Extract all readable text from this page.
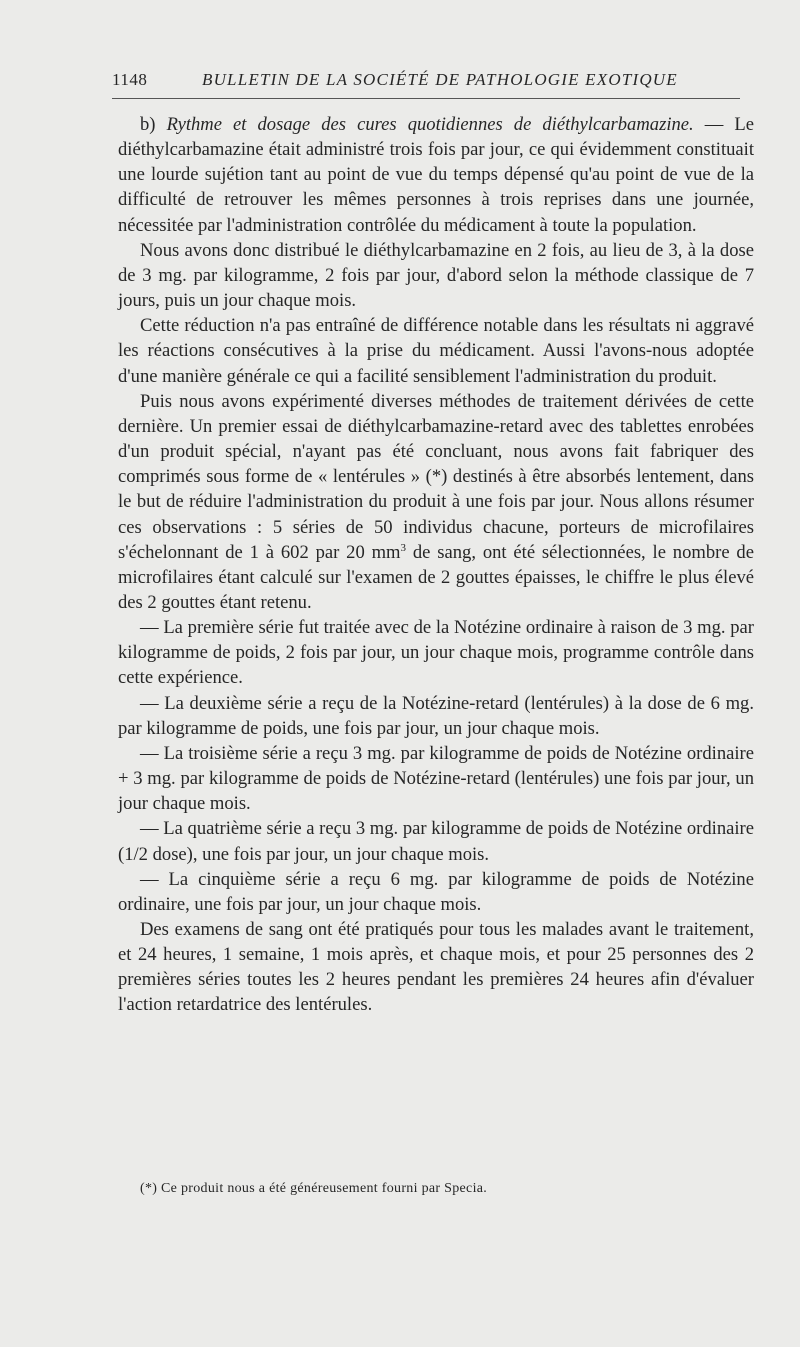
1148	BULLETIN DE LA SOCIÉTÉ DE PATHOLOGIE EXOTIQUE

b) Rythme et dosage des cures quotidiennes de diéthylcarbamazine. — Le diéthylcarbamazine était administré trois fois par jour, ce qui évidemment constituait une lourde sujétion tant au point de vue du temps dépensé qu'au point de vue de la difficulté de retrouver les mêmes personnes à trois reprises dans une journée, nécessitée par l'administration contrôlée du médicament à toute la population.

Nous avons donc distribué le diéthylcarbamazine en 2 fois, au lieu de 3, à la dose de 3 mg. par kilogramme, 2 fois par jour, d'abord selon la méthode classique de 7 jours, puis un jour chaque mois.

Cette réduction n'a pas entraîné de différence notable dans les résultats ni aggravé les réactions consécutives à la prise du médicament. Aussi l'avons-nous adoptée d'une manière générale ce qui a facilité sensiblement l'administration du produit.

Puis nous avons expérimenté diverses méthodes de traitement dérivées de cette dernière. Un premier essai de diéthylcarbamazine-retard avec des tablettes enrobées d'un produit spécial, n'ayant pas été concluant, nous avons fait fabriquer des comprimés sous forme de « lentérules » (*) destinés à être absorbés lentement, dans le but de réduire l'administration du produit à une fois par jour. Nous allons résumer ces observations : 5 séries de 50 individus chacune, porteurs de microfilaires s'échelonnant de 1 à 602 par 20 $mm^3$ de sang, ont été sélectionnées, le nombre de microfilaires étant calculé sur l'examen de 2 gouttes épaisses, le chiffre le plus élevé des 2 gouttes étant retenu.

— La première série fut traitée avec de la Notézine ordinaire à raison de 3 mg. par kilogramme de poids, 2 fois par jour, un jour chaque mois, programme contrôle dans cette expérience.

— La deuxième série a reçu de la Notézine-retard (lentérules) à la dose de 6 mg. par kilogramme de poids, une fois par jour, un jour chaque mois.

— La troisième série a reçu 3 mg. par kilogramme de poids de Notézine ordinaire + 3 mg. par kilogramme de poids de Notézine-retard (lentérules) une fois par jour, un jour chaque mois.

— La quatrième série a reçu 3 mg. par kilogramme de poids de Notézine ordinaire (1/2 dose), une fois par jour, un jour chaque mois.

— La cinquième série a reçu 6 mg. par kilogramme de poids de Notézine ordinaire, une fois par jour, un jour chaque mois.

Des examens de sang ont été pratiqués pour tous les malades avant le traitement, et 24 heures, 1 semaine, 1 mois après, et chaque mois, et pour 25 personnes des 2 premières séries toutes les 2 heures pendant les premières 24 heures afin d'évaluer l'action retardatrice des lentérules.

(*) Ce produit nous a été généreusement fourni par Specia.
